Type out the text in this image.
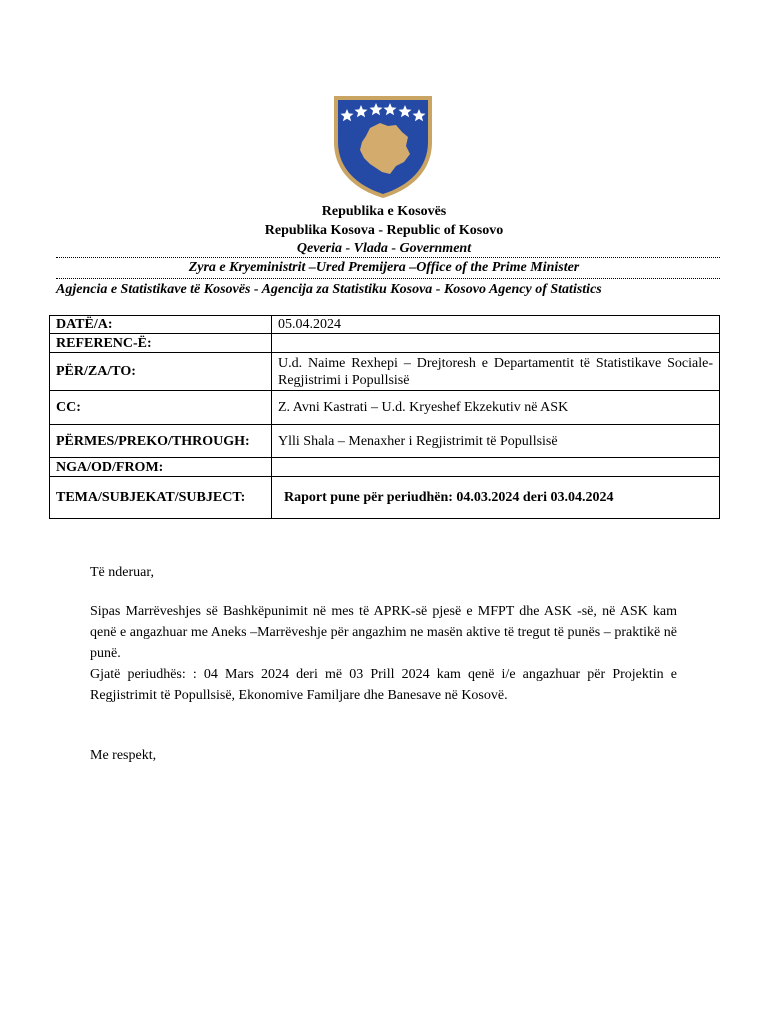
Republika e Kosovës
Republika Kosova - Republic of Kosovo
Qeveria - Vlada - Government
Zyra e Kryeministrit –Ured Premijera –Office of the Prime Minister
Agjencia e Statistikave të Kosovës - Agencija za Statistiku Kosova - Kosovo Agency of Statistics
DATË/A:	05.04.2024
REFERENC-Ë:	
PËR/ZA/TO:	U.d. Naime Rexhepi – Drejtoresh e Departamentit të Statistikave Sociale-Regjistrimi i Popullsisë
CC:	Z. Avni Kastrati – U.d. Kryeshef Ekzekutiv në ASK
PËRMES/PREKO/THROUGH:	Ylli Shala – Menaxher i Regjistrimit të Popullsisë
NGA/OD/FROM:	
TEMA/SUBJEKAT/SUBJECT:	Raport pune për periudhën: 04.03.2024 deri 03.04.2024
Të nderuar,
Sipas Marrëveshjes së Bashkëpunimit në mes të APRK-së pjesë e MFPT dhe ASK -së, në ASK kam qenë e angazhuar me Aneks –Marrëveshje për angazhim ne masën aktive të tregut të punës – praktikë në punë.
Gjatë periudhës: : 04 Mars 2024 deri më 03 Prill 2024 kam qenë i/e angazhuar për Projektin e Regjistrimit të Popullsisë, Ekonomive Familjare dhe Banesave në Kosovë.
Me respekt,
